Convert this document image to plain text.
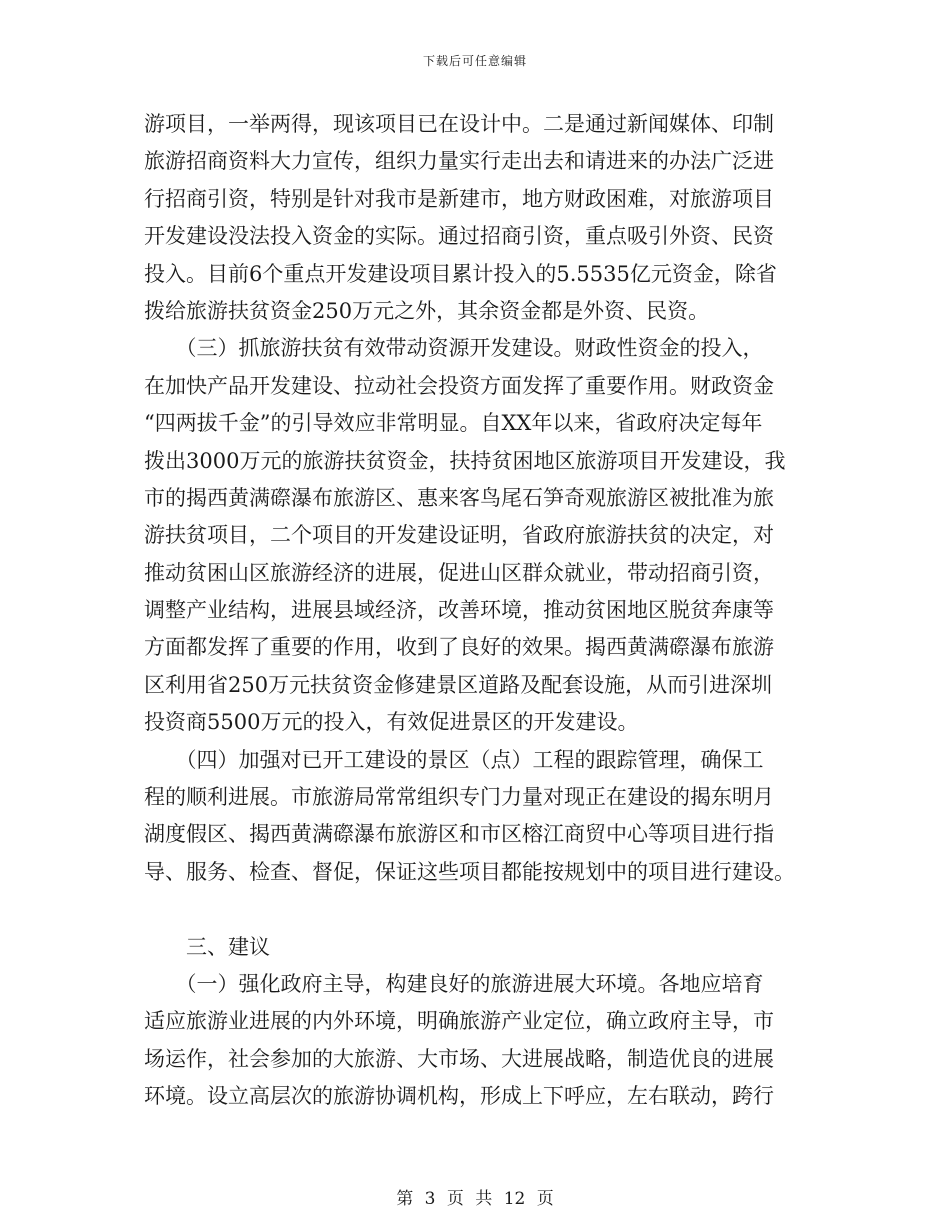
下载后可任意编辑
游项目，一举两得，现该项目已在设计中。二是通过新闻媒体、印制
旅游招商资料大力宣传，组织力量实行走出去和请进来的办法广泛进
行招商引资，特别是针对我市是新建市，地方财政困难，对旅游项目
开发建设没法投入资金的实际。通过招商引资，重点吸引外资、民资
投入。目前6个重点开发建设项目累计投入的5.5535亿元资金，除省
拨给旅游扶贫资金250万元之外，其余资金都是外资、民资。
　　（三）抓旅游扶贫有效带动资源开发建设。财政性资金的投入，
在加快产品开发建设、拉动社会投资方面发挥了重要作用。财政资金
“四两拔千金”的引导效应非常明显。自XX年以来，省政府决定每年
拨出3000万元的旅游扶贫资金，扶持贫困地区旅游项目开发建设，我
市的揭西黄满磜瀑布旅游区、惠来客鸟尾石笋奇观旅游区被批准为旅
游扶贫项目，二个项目的开发建设证明，省政府旅游扶贫的决定，对
推动贫困山区旅游经济的进展，促进山区群众就业，带动招商引资，
调整产业结构，进展县域经济，改善环境，推动贫困地区脱贫奔康等
方面都发挥了重要的作用，收到了良好的效果。揭西黄满磜瀑布旅游
区利用省250万元扶贫资金修建景区道路及配套设施，从而引进深圳
投资商5500万元的投入，有效促进景区的开发建设。
　　（四）加强对已开工建设的景区（点）工程的跟踪管理，确保工
程的顺利进展。市旅游局常常组织专门力量对现正在建设的揭东明月
湖度假区、揭西黄满磜瀑布旅游区和市区榕江商贸中心等项目进行指
导、服务、检查、督促，保证这些项目都能按规划中的项目进行建设。
　　三、建议
　　（一）强化政府主导，构建良好的旅游进展大环境。各地应培育
适应旅游业进展的内外环境，明确旅游产业定位，确立政府主导，市
场运作，社会参加的大旅游、大市场、大进展战略，制造优良的进展
环境。设立高层次的旅游协调机构，形成上下呼应，左右联动，跨行
第 3 页 共 12 页
